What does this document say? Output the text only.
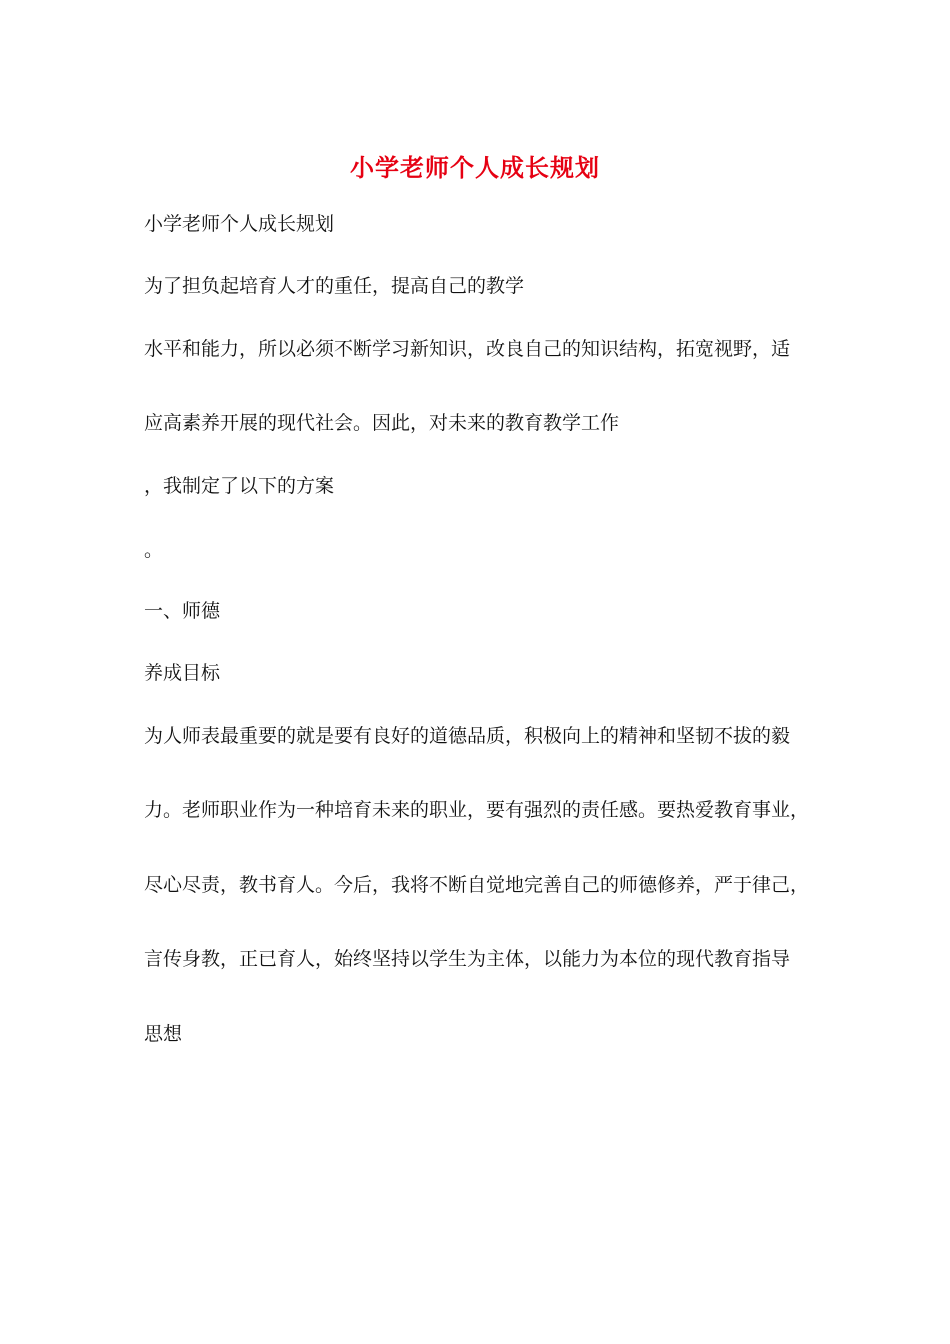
小学老师个人成长规划
小学老师个人成长规划
为了担负起培育人才的重任，提高自己的教学
水平和能力，所以必须不断学习新知识，改良自己的知识结构，拓宽视野，适
应高素养开展的现代社会。因此，对未来的教育教学工作
，我制定了以下的方案
。
一、师德
养成目标
为人师表最重要的就是要有良好的道德品质，积极向上的精神和坚韧不拔的毅
力。老师职业作为一种培育未来的职业，要有强烈的责任感。要热爱教育事业，
尽心尽责，教书育人。今后，我将不断自觉地完善自己的师德修养，严于律己，
言传身教，正已育人，始终坚持以学生为主体，以能力为本位的现代教育指导
思想
